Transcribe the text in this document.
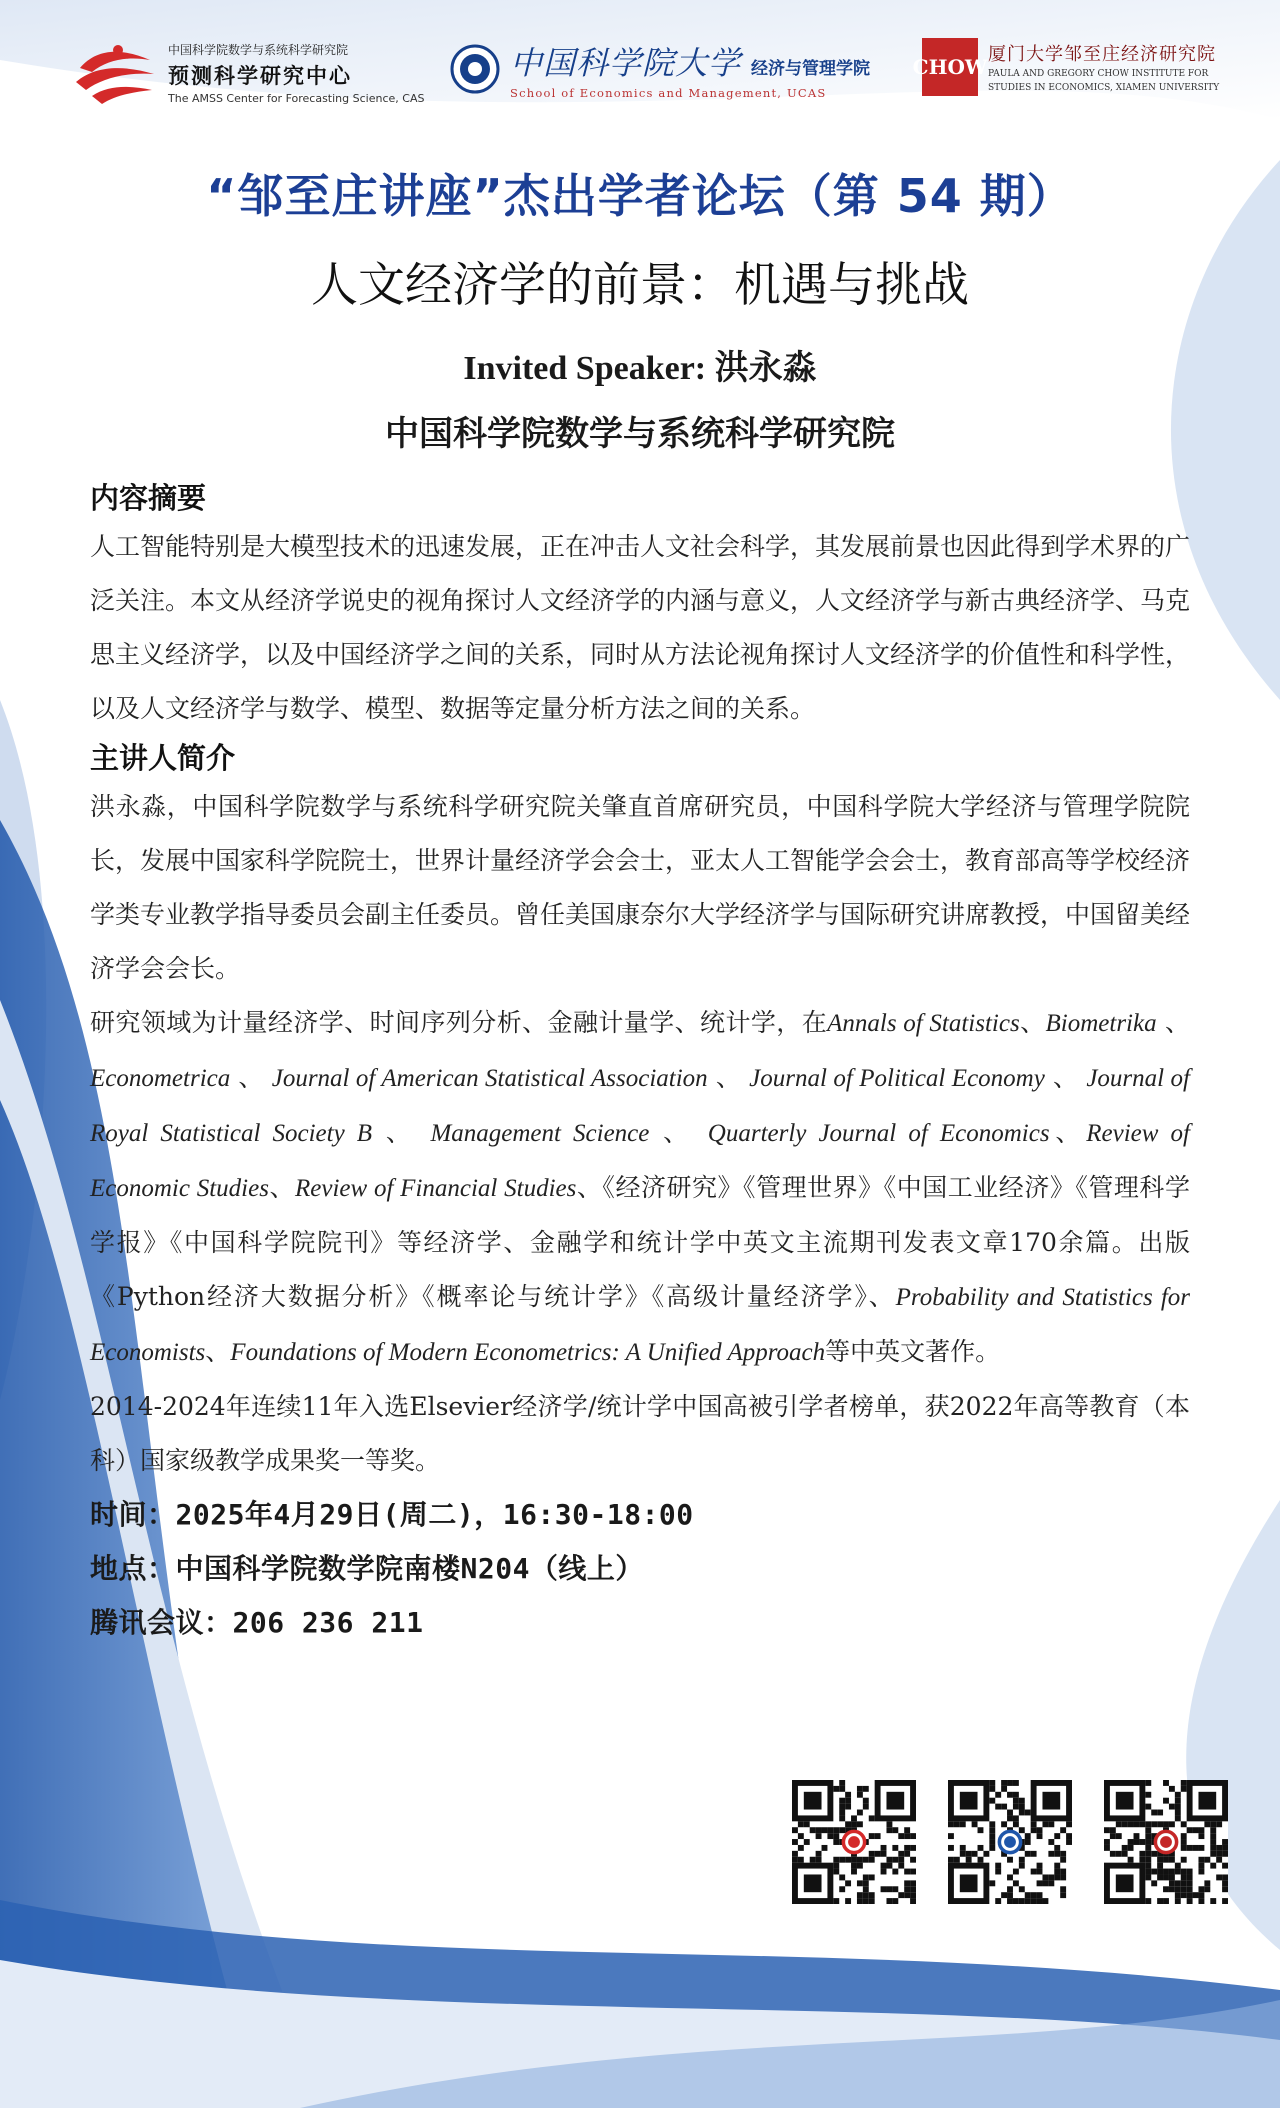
中国科学院数学与系统科学研究院
预测科学研究中心
The AMSS Center for Forecasting Science, CAS
中国科学院大学 经济与管理学院
School of Economics and Management, UCAS
CHOW
厦门大学邹至庄经济研究院
PAULA AND GREGORY CHOW INSTITUTE FOR
STUDIES IN ECONOMICS, XIAMEN UNIVERSITY
“邹至庄讲座”杰出学者论坛（第 54 期）
人文经济学的前景：机遇与挑战
Invited Speaker: 洪永淼
中国科学院数学与系统科学研究院

内容摘要

人工智能特别是大模型技术的迅速发展，正在冲击人文社会科学，其发展前景也因此得到学术界的广泛关注。本文从经济学说史的视角探讨人文经济学的内涵与意义，人文经济学与新古典经济学、马克思主义经济学，以及中国经济学之间的关系，同时从方法论视角探讨人文经济学的价值性和科学性，以及人文经济学与数学、模型、数据等定量分析方法之间的关系。

主讲人简介

洪永淼，中国科学院数学与系统科学研究院关肇直首席研究员，中国科学院大学经济与管理学院院长，发展中国家科学院院士，世界计量经济学会会士，亚太人工智能学会会士，教育部高等学校经济学类专业教学指导委员会副主任委员。曾任美国康奈尔大学经济学与国际研究讲席教授，中国留美经济学会会长。

研究领域为计量经济学、时间序列分析、金融计量学、统计学，在Annals of Statistics、Biometrika 、 Econometrica 、 Journal of American Statistical Association 、 Journal of Political Economy 、 Journal of Royal Statistical Society B 、 Management Science 、 Quarterly Journal of Economics、Review of Economic Studies、Review of Financial Studies、《经济研究》《管理世界》《中国工业经济》《管理科学学报》《中国科学院院刊》等经济学、金融学和统计学中英文主流期刊发表文章170余篇。出版《Python经济大数据分析》《概率论与统计学》《高级计量经济学》、Probability and Statistics for Economists、Foundations of Modern Econometrics: A Unified Approach等中英文著作。

2014-2024年连续11年入选Elsevier经济学/统计学中国高被引学者榜单，获2022年高等教育（本科）国家级教学成果奖一等奖。

时间：2025年4月29日(周二)，16:30-18:00

地点：中国科学院数学院南楼N204（线上）

腾讯会议：206 236 211
